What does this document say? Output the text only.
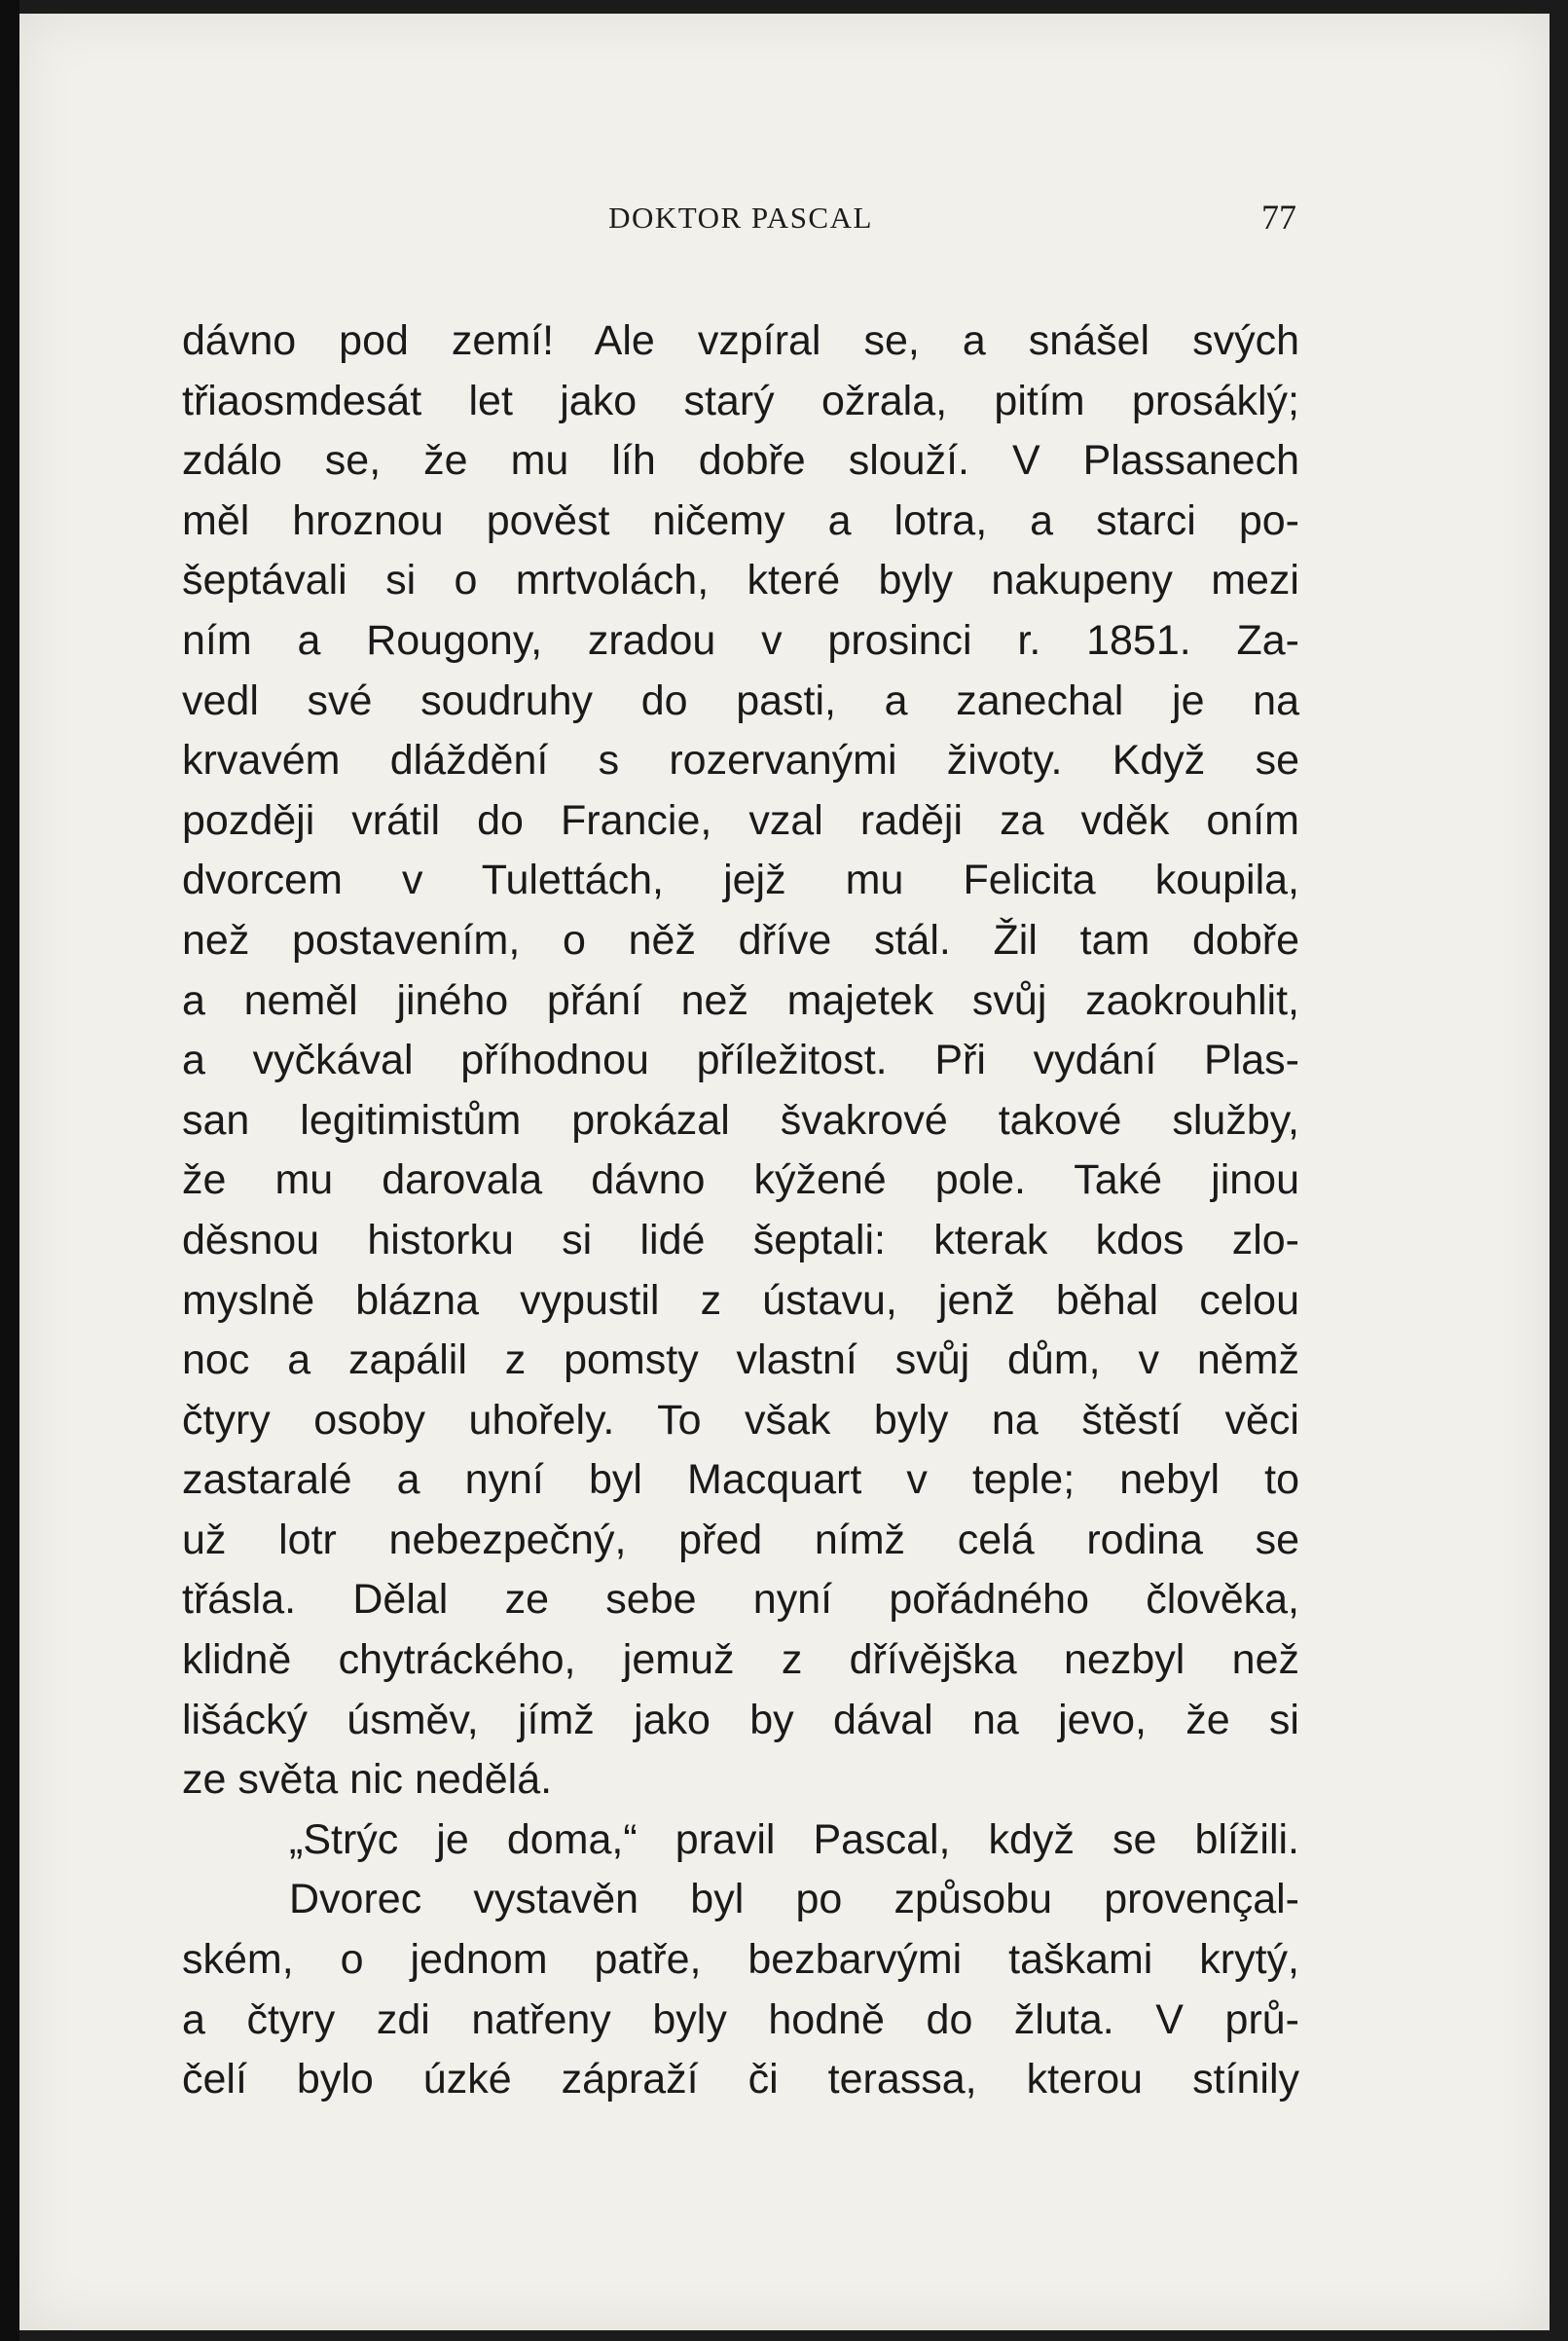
DOKTOR PASCAL	77
dávno pod zemí! Ale vzpíral se, a snášel svých
třiaosmdesát let jako starý ožrala, pitím prosáklý;
zdálo se, že mu líh dobře slouží. V Plassanech
měl hroznou pověst ničemy a lotra, a starci po-
šeptávali si o mrtvolách, které byly nakupeny mezi
ním a Rougony, zradou v prosinci r. 1851. Za-
vedl své soudruhy do pasti, a zanechal je na
krvavém dláždění s rozervanými životy. Když se
později vrátil do Francie, vzal raději za vděk oním
dvorcem v Tulettách, jejž mu Felicita koupila,
než postavením, o něž dříve stál. Žil tam dobře
a neměl jiného přání než majetek svůj zaokrouhlit,
a vyčkával příhodnou příležitost. Při vydání Plas-
san legitimistům prokázal švakrové takové služby,
že mu darovala dávno kýžené pole. Také jinou
děsnou historku si lidé šeptali: kterak kdos zlo-
myslně blázna vypustil z ústavu, jenž běhal celou
noc a zapálil z pomsty vlastní svůj dům, v němž
čtyry osoby uhořely. To však byly na štěstí věci
zastaralé a nyní byl Macquart v teple; nebyl to
už lotr nebezpečný, před nímž celá rodina se
třásla. Dělal ze sebe nyní pořádného člověka,
klidně chytráckého, jemuž z dřívějška nezbyl než
lišácký úsměv, jímž jako by dával na jevo, že si
ze světa nic nedělá.
„Strýc je doma,“ pravil Pascal, když se blížili.
Dvorec vystavěn byl po způsobu provençal-
ském, o jednom patře, bezbarvými taškami krytý,
a čtyry zdi natřeny byly hodně do žluta. V prů-
čelí bylo úzké zápraží či terassa, kterou stínily
